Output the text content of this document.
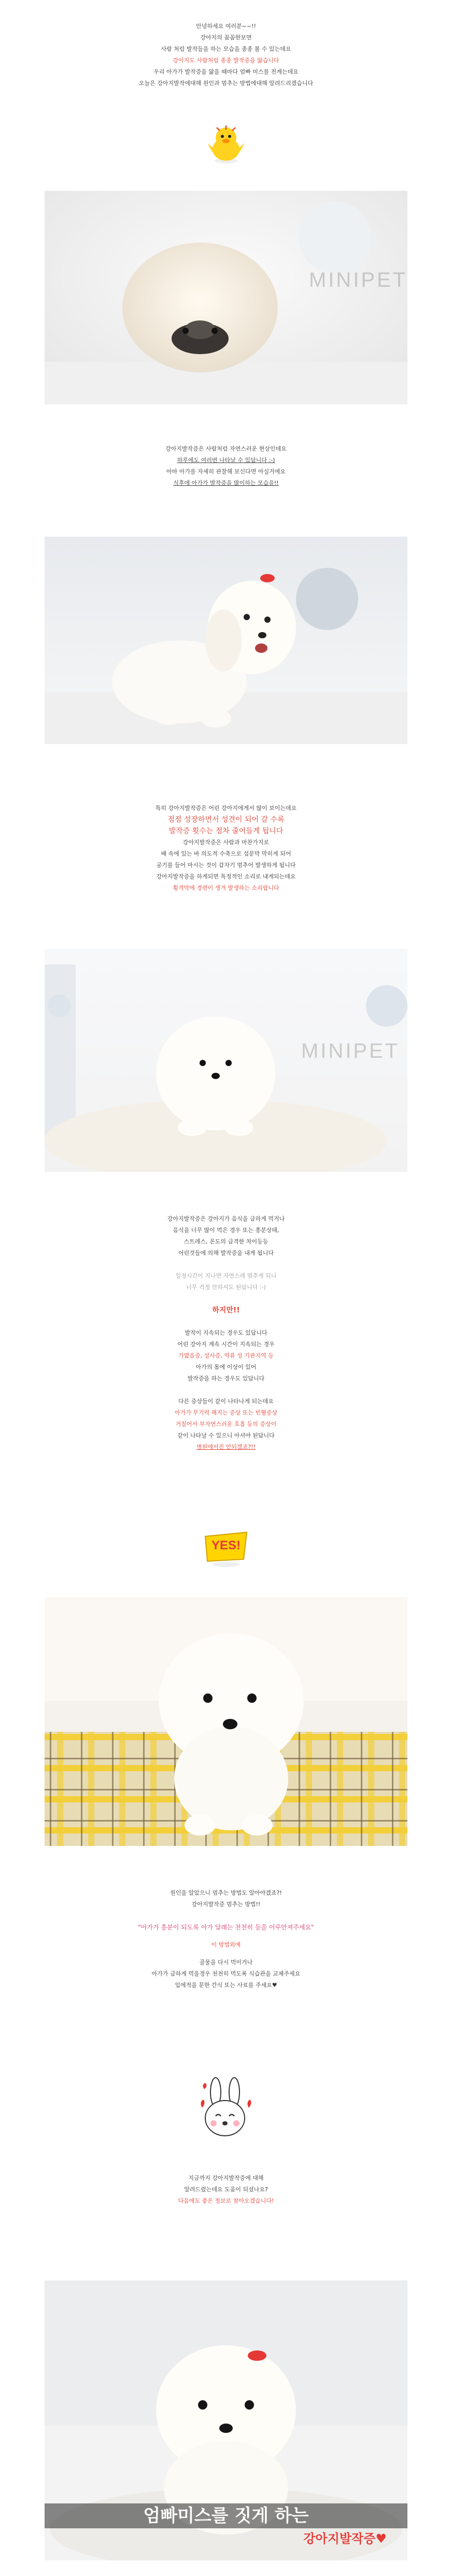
안녕하세요 여러분~~!!
강아지의 꼼꼼한보면
사람 처럼 발작들을 하는 모습을 종종 볼 수 있는데요
강아지도 사람처럼 종종 발작증을 앓습니다
우리 아가가 발작증을 앓을 때마다 엄빠 미스를 전계는데요
오늘은 강아지발작에대해 원인과 멈추는 방법에대해 알려드리겠습니다
MINIPET
강아지발작증은 사람처럼 자연스러운 현상인데요
하루에도 여러번 나타날 수 있답니다 :-)
아마 아가를 자세히 관찰해 보신다면 아실거에요
식후에 아가가 발작증을 많이하는 모습을!!
특히 강아지발작증은 어린 강아지에게서 많이 보이는데요
점점 성장하면서 성견이 되어 갈 수록
발작증 횟수는 점차 줄어들게 됩니다
강아지발작증은 사람과 마찬가지로
배 속에 있는 바 의도적 수축으로 섭문막 막히게 되어
공기를 들어 마시는 것이 갑자기 멈추어 발생하게 됩니다
강아지발작증을 하게되면 특정적인 소리로 내게되는데요
횡격막에 경련이 생겨 발생하는 소리랍니다
MINIPET
강아지발작증은 강아지가 음식을 급하게 먹거나
음식을 너무 많이 먹은 경우 또는 흥분상태,
스트레스, 온도의 급격한 차이등등
어린것들에 의해 발작증을 내게 됩니다
일정시간이 지나면 자연스레 멈추게 되니
너무 걱정 안하셔도 된답니다 :-)
하지만!!
발작이 지속되는 경우도 있답니다
어린 강아지 계속 시간이 지속되는 경우
가엾음증, 설사증, 역류 성 기관지역 등
아가의 몸에 이상이 있어
발작증을 하는 경우도 있답니다
다른 증상들이 같이 나타나게 되는데요
아가가 무기력 해지는 증상 또는 빈혈증상
거칠어서 부자연스러운 호흡 등의 증상이
같이 나타날 수 있으니 아셔야 된답니다
병원에서진 안되겠죠?!!
YES!
원인을 알았으니 멈추는 방법도 알아야겠죠?!
강아지발작증 멈추는 방법!!
"아가가 흥분이 되도록 아가 달래는 천천히 등을 어루만져주세요"
이 방법외에
골물을 다시 먹이거나
아가가 급하게 먹을경우 천천히 먹도록 식습관을 교체주세요
입에적을 문한 간식 또는 사료를 주세요♥
지금까지 강아지발작증에 대해
알려드렸는데요 도움이 되셨나요?
다음에도 좋은 정보로 찾아오겠습니다!
엄빠미스를 짓게 하는
강아지발작증♥
